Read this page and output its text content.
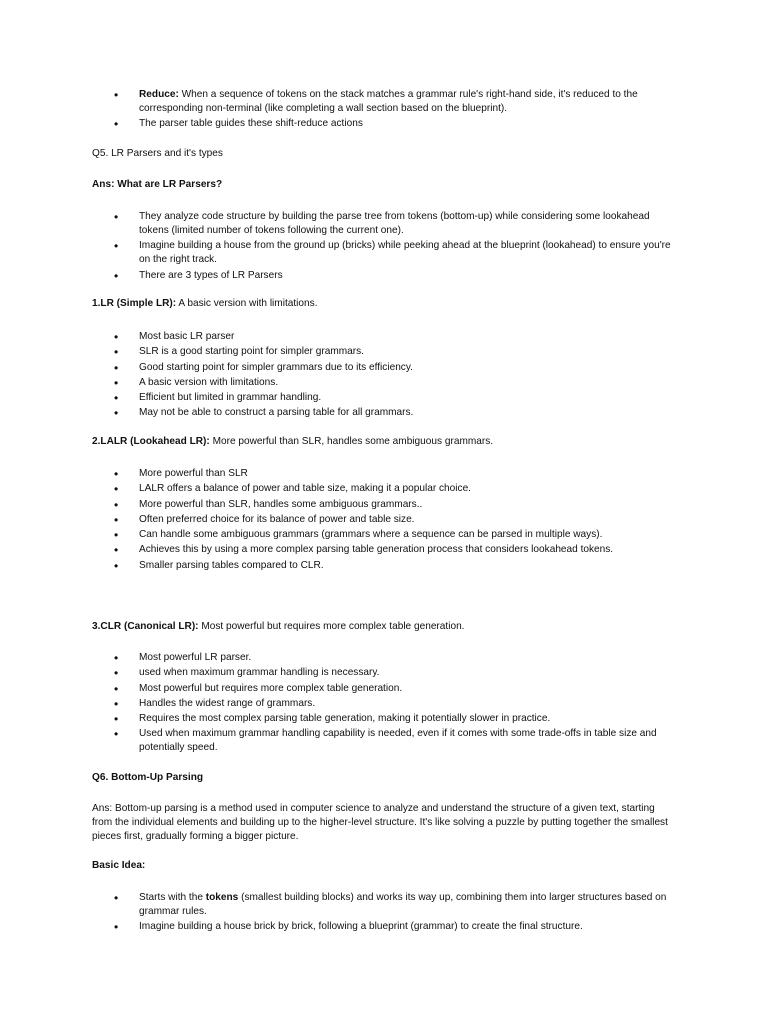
• Reduce: When a sequence of tokens on the stack matches a grammar rule's right-hand side, it's reduced to the corresponding non-terminal (like completing a wall section based on the blueprint).
• The parser table guides these shift-reduce actions

Q5. LR Parsers and it's types

Ans: What are LR Parsers?

• They analyze code structure by building the parse tree from tokens (bottom-up) while considering some lookahead tokens (limited number of tokens following the current one).
• Imagine building a house from the ground up (bricks) while peeking ahead at the blueprint (lookahead) to ensure you're on the right track.
• There are 3 types of LR Parsers

1.LR (Simple LR): A basic version with limitations.

• Most basic LR parser
• SLR is a good starting point for simpler grammars.
• Good starting point for simpler grammars due to its efficiency.
• A basic version with limitations.
• Efficient but limited in grammar handling.
• May not be able to construct a parsing table for all grammars.

2.LALR (Lookahead LR): More powerful than SLR, handles some ambiguous grammars.

• More powerful than SLR
• LALR offers a balance of power and table size, making it a popular choice.
• More powerful than SLR, handles some ambiguous grammars..
• Often preferred choice for its balance of power and table size.
• Can handle some ambiguous grammars (grammars where a sequence can be parsed in multiple ways).
• Achieves this by using a more complex parsing table generation process that considers lookahead tokens.
• Smaller parsing tables compared to CLR.

3.CLR (Canonical LR): Most powerful but requires more complex table generation.

• Most powerful LR parser.
• used when maximum grammar handling is necessary.
• Most powerful but requires more complex table generation.
• Handles the widest range of grammars.
• Requires the most complex parsing table generation, making it potentially slower in practice.
• Used when maximum grammar handling capability is needed, even if it comes with some trade-offs in table size and potentially speed.

Q6. Bottom-Up Parsing

Ans: Bottom-up parsing is a method used in computer science to analyze and understand the structure of a given text, starting from the individual elements and building up to the higher-level structure. It's like solving a puzzle by putting together the smallest pieces first, gradually forming a bigger picture.

Basic Idea:

• Starts with the tokens (smallest building blocks) and works its way up, combining them into larger structures based on grammar rules.
• Imagine building a house brick by brick, following a blueprint (grammar) to create the final structure.
